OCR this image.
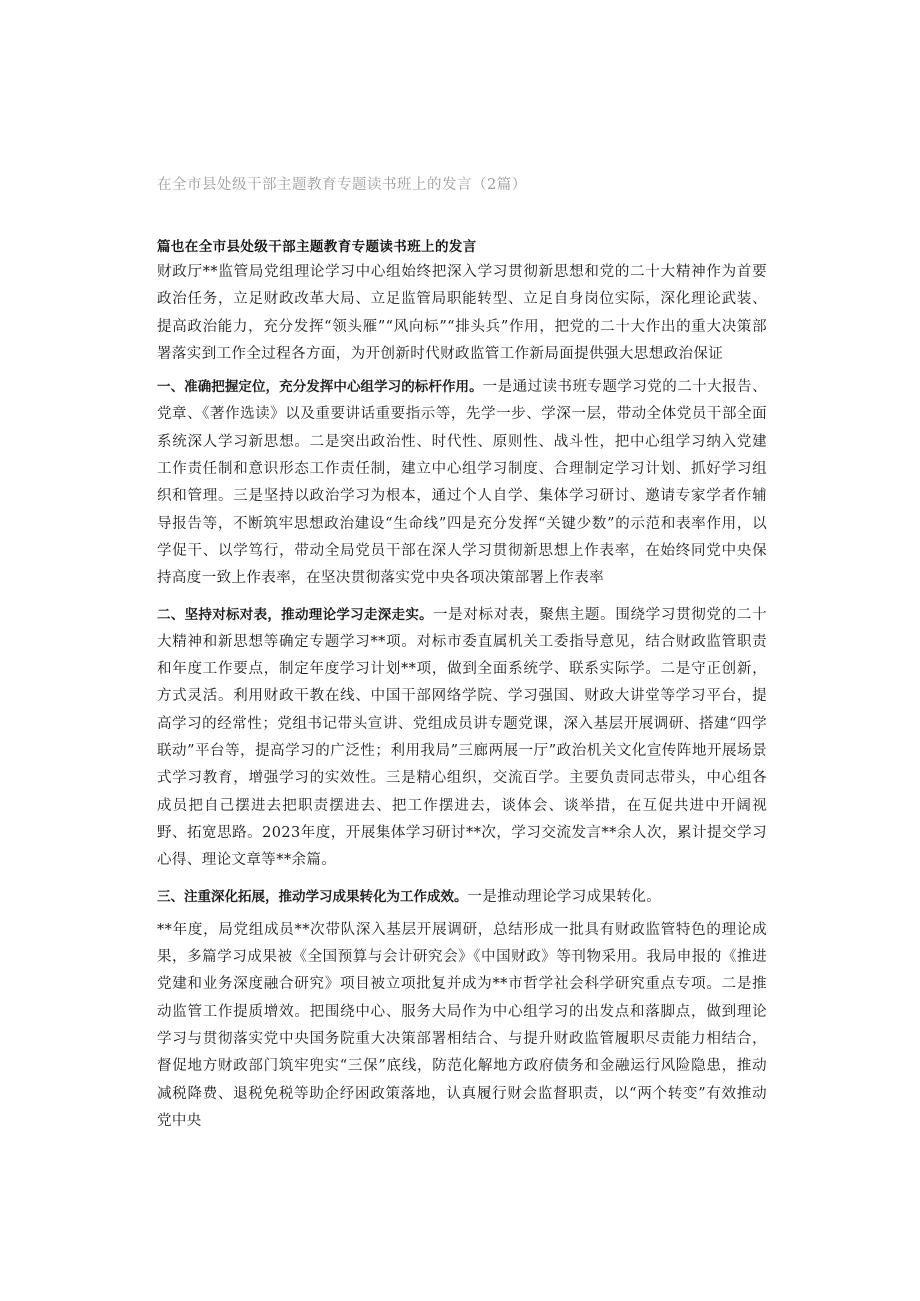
在全市县处级干部主题教育专题读书班上的发言（2篇）

篇也在全市县处级干部主题教育专题读书班上的发言

财政厅**监管局党组理论学习中心组始终把深入学习贯彻新思想和党的二十大精神作为首要政治任务，立足财政改革大局、立足监管局职能转型、立足自身岗位实际，深化理论武装、提高政治能力，充分发挥“领头雁”“风向标”“排头兵”作用，把党的二十大作出的重大决策部署落实到工作全过程各方面，为开创新时代财政监管工作新局面提供强大思想政治保证

一、准确把握定位，充分发挥中心组学习的标杆作用。一是通过读书班专题学习党的二十大报告、党章、《著作选读》以及重要讲话重要指示等，先学一步、学深一层，带动全体党员干部全面系统深人学习新思想。二是突出政治性、时代性、原则性、战斗性，把中心组学习纳入党建工作责任制和意识形态工作责任制，建立中心组学习制度、合理制定学习计划、抓好学习组织和管理。三是坚持以政治学习为根本，通过个人自学、集体学习研讨、邀请专家学者作辅导报告等，不断筑牢思想政治建设“生命线”四是充分发挥“关键少数”的示范和表率作用，以学促干、以学笃行，带动全局党员干部在深人学习贯彻新思想上作表率，在始终同党中央保持高度一致上作表率，在坚决贯彻落实党中央各项决策部署上作表率

二、坚持对标对表，推动理论学习走深走实。一是对标对表，聚焦主题。围绕学习贯彻党的二十大精神和新思想等确定专题学习**项。对标市委直属机关工委指导意见，结合财政监管职责和年度工作要点，制定年度学习计划**项，做到全面系统学、联系实际学。二是守正创新，方式灵活。利用财政干教在线、中国干部网络学院、学习强国、财政大讲堂等学习平台，提高学习的经常性；党组书记带头宣讲、党组成员讲专题党课，深入基层开展调研、搭建“四学联动”平台等，提高学习的广泛性；利用我局”三廊两展一厅”政治机关文化宣传阵地开展场景式学习教育，增强学习的实效性。三是精心组织，交流百学。主要负责同志带头，中心组各成员把自己摆进去把职责摆进去、把工作摆进去，谈体会、谈举措，在互促共进中开阔视野、拓宽思路。2023年度，开展集体学习研讨**次，学习交流发言**余人次，累计提交学习心得、理论文章等**余篇。

三、注重深化拓展，推动学习成果转化为工作成效。一是推动理论学习成果转化。

**年度，局党组成员**次带队深入基层开展调研，总结形成一批具有财政监管特色的理论成果，多篇学习成果被《全国预算与会计研究会》《中国财政》等刊物采用。我局申报的《推进党建和业务深度融合研究》项目被立项批复并成为**市哲学社会科学研究重点专项。二是推动监管工作提质增效。把围绕中心、服务大局作为中心组学习的出发点和落脚点，做到理论学习与贯彻落实党中央国务院重大决策部署相结合、与提升财政监管履职尽责能力相结合，督促地方财政部门筑牢兜实“三保”底线，防范化解地方政府债务和金融运行风险隐患，推动减税降费、退税免税等助企纾困政策落地，认真履行财会监督职责，以“两个转变”有效推动党中央
